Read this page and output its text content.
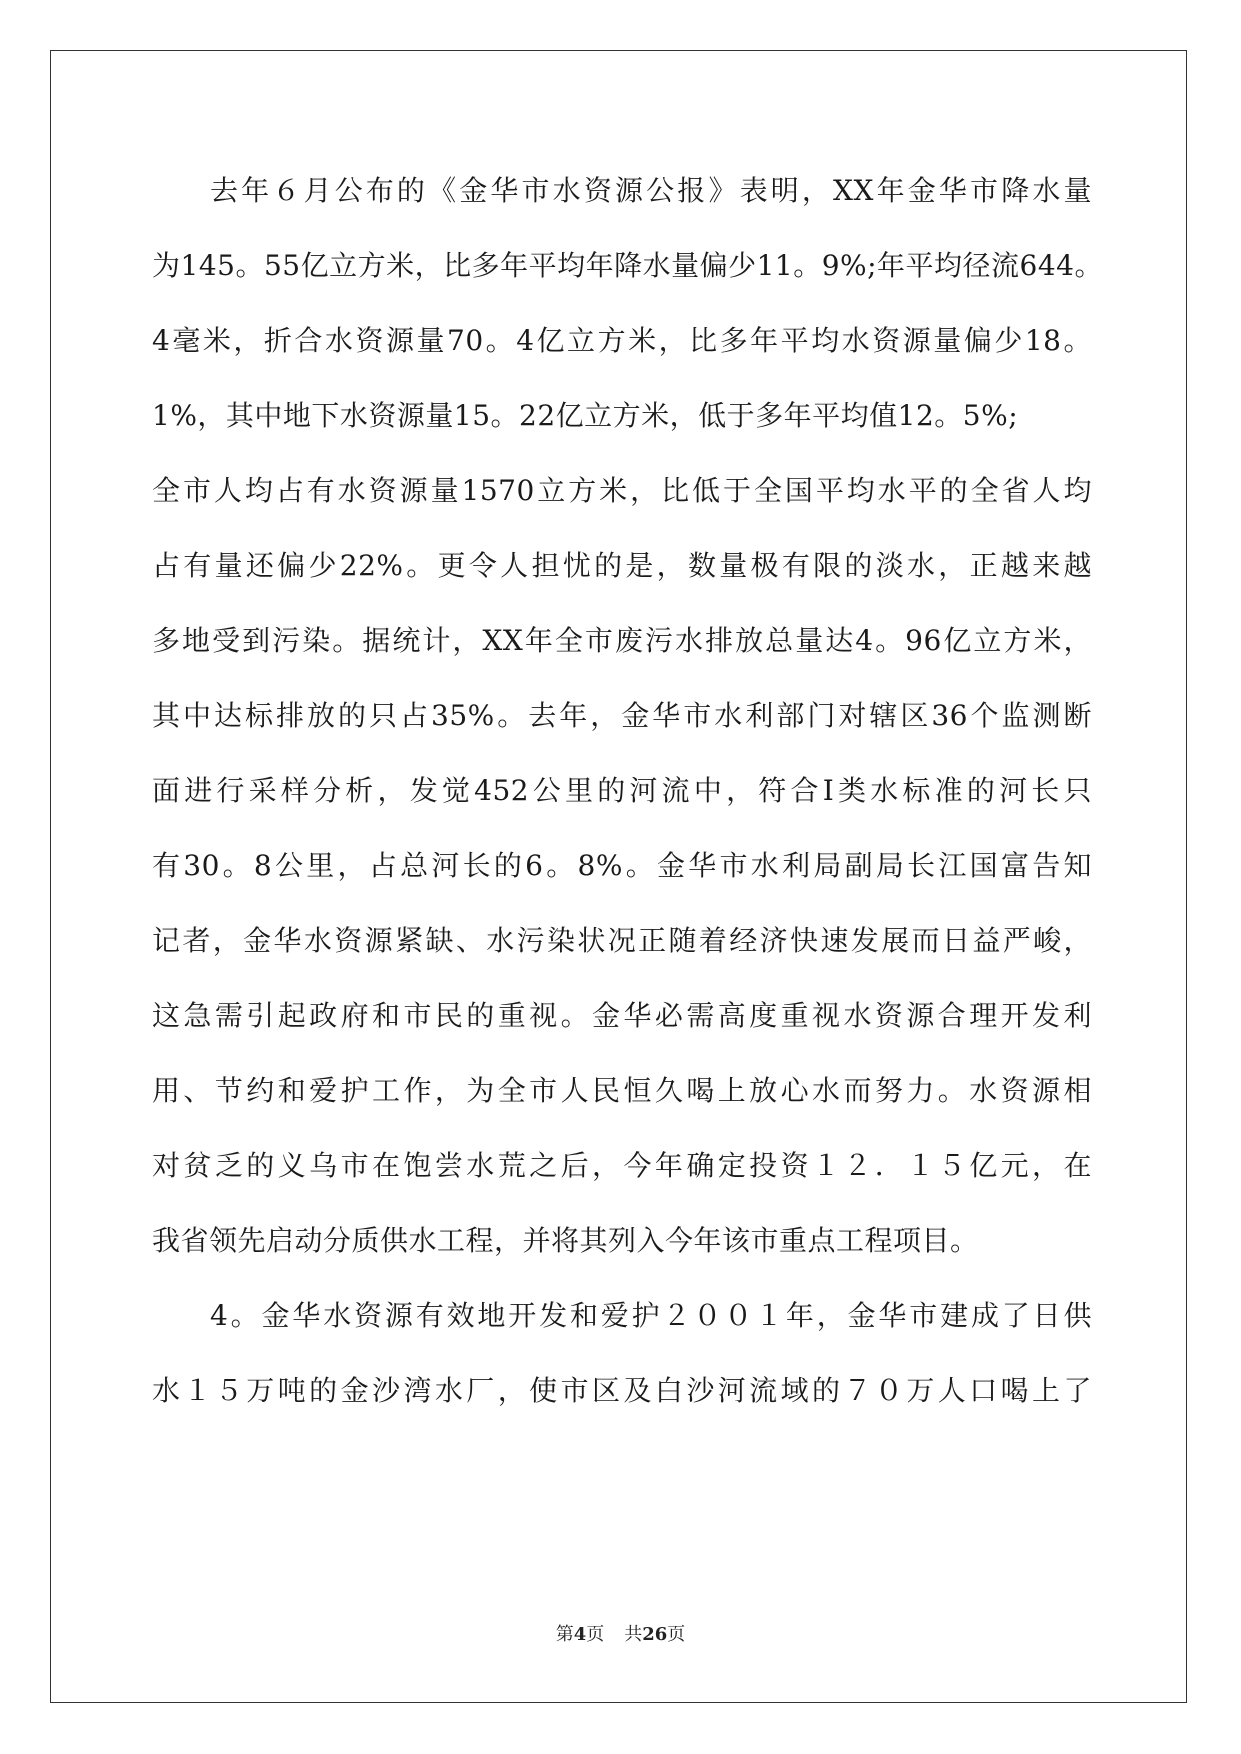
去年６月公布的《金华市水资源公报》表明，XX年金华市降水量
为145。55亿立方米，比多年平均年降水量偏少11。9%;年平均径流644。
4毫米，折合水资源量70。4亿立方米，比多年平均水资源量偏少18。
1%，其中地下水资源量15。22亿立方米，低于多年平均值12。5%;
全市人均占有水资源量1570立方米，比低于全国平均水平的全省人均
占有量还偏少22%。更令人担忧的是，数量极有限的淡水，正越来越
多地受到污染。据统计，XX年全市废污水排放总量达4。96亿立方米，
其中达标排放的只占35%。去年，金华市水利部门对辖区36个监测断
面进行采样分析，发觉452公里的河流中，符合Ⅰ类水标准的河长只
有30。8公里，占总河长的6。8%。金华市水利局副局长江国富告知
记者，金华水资源紧缺、水污染状况正随着经济快速发展而日益严峻，
这急需引起政府和市民的重视。金华必需高度重视水资源合理开发利
用、节约和爱护工作，为全市人民恒久喝上放心水而努力。水资源相
对贫乏的义乌市在饱尝水荒之后，今年确定投资１２．１５亿元，在
我省领先启动分质供水工程，并将其列入今年该市重点工程项目。
4。金华水资源有效地开发和爱护２００１年，金华市建成了日供
水１５万吨的金沙湾水厂，使市区及白沙河流域的７０万人口喝上了
第4页 共26页
